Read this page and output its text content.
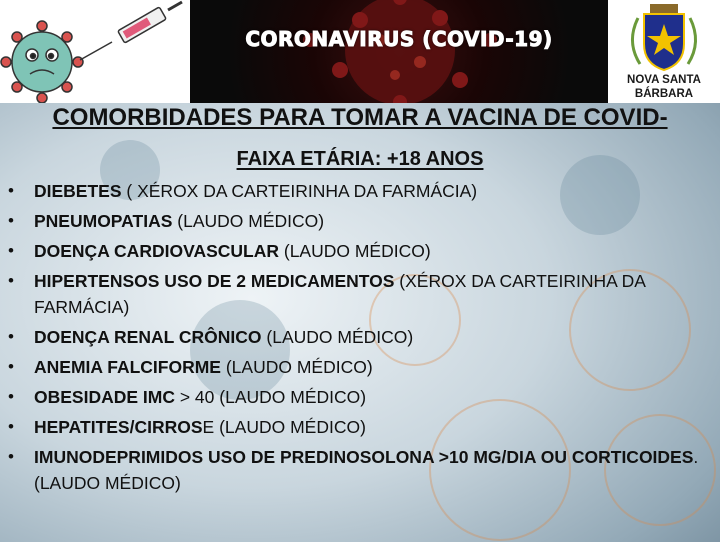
CORONAVIRUS (COVID-19)
NOVA SANTA
BÁRBARA
COMORBIDADES PARA TOMAR A VACINA DE COVID-
FAIXA ETÁRIA: +18 ANOS
• DIEBETES ( XÉROX DA CARTEIRINHA DA FARMÁCIA)
• PNEUMOPATIAS (LAUDO MÉDICO)
• DOENÇA CARDIOVASCULAR (LAUDO MÉDICO)
• HIPERTENSOS USO DE 2 MEDICAMENTOS (XÉROX DA CARTEIRINHA DA FARMÁCIA)
• DOENÇA RENAL CRÔNICO (LAUDO MÉDICO)
• ANEMIA FALCIFORME (LAUDO MÉDICO)
• OBESIDADE IMC > 40 (LAUDO MÉDICO)
• HEPATITES/CIRROSE (LAUDO MÉDICO)
• IMUNODEPRIMIDOS USO DE PREDINOSOLONA >10 MG/DIA OU CORTICOIDES. (LAUDO MÉDICO)
